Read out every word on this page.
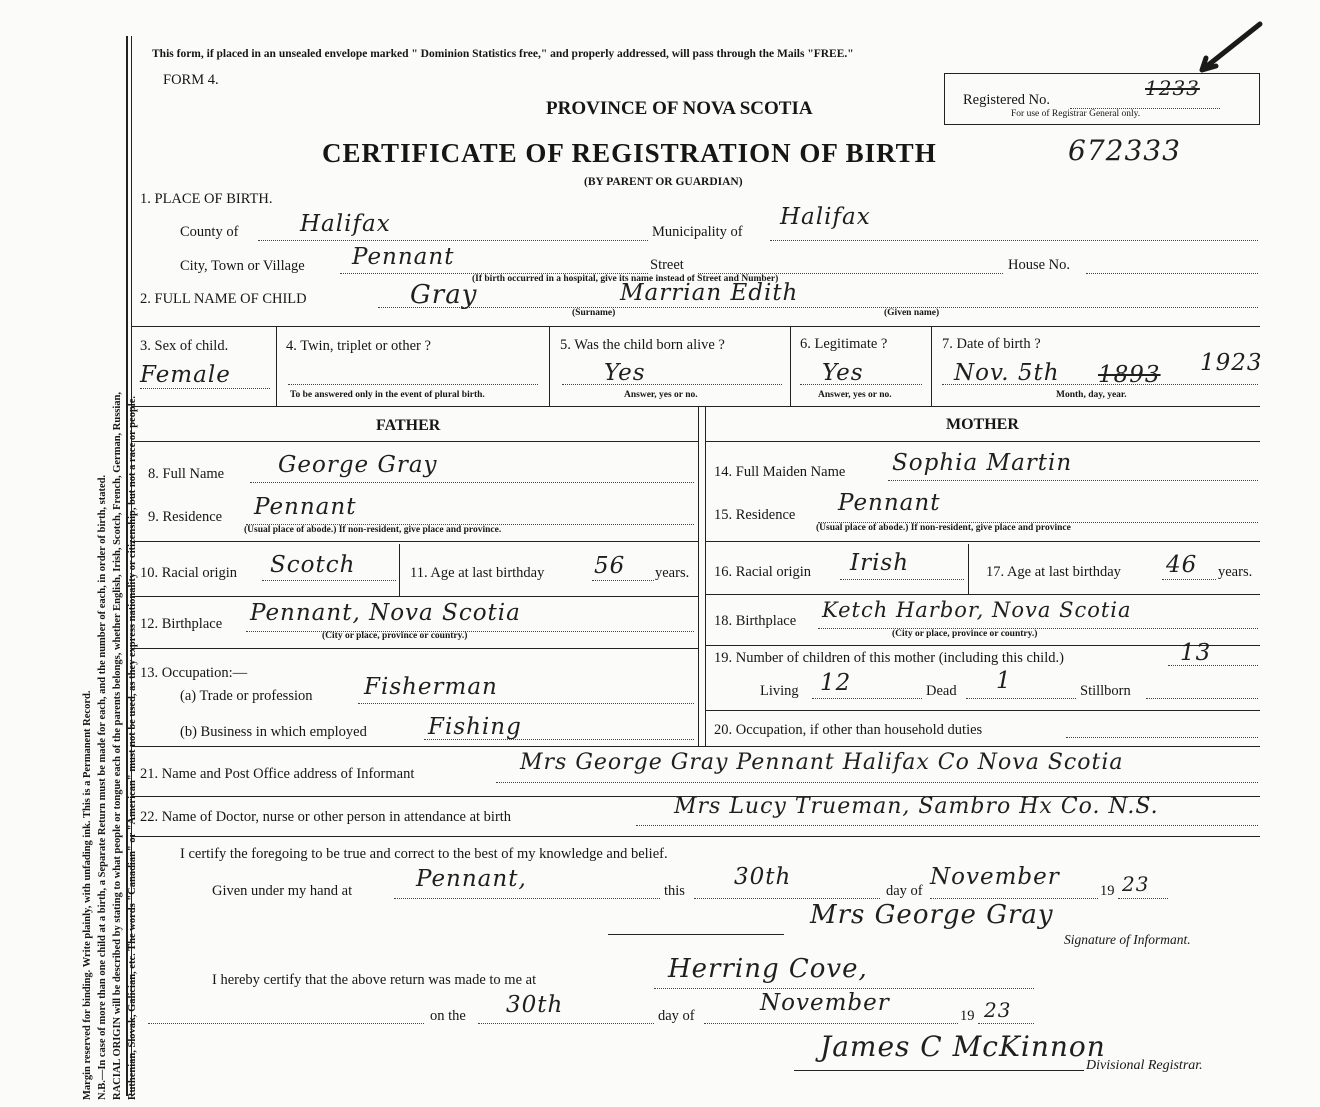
Margin reserved for binding. Write plainly, with unfading ink. This is a Permanent Record. N.B.—In case of more than one child at a birth, a Separate Return must be made for each, and the number of each, in order of birth, stated. RACIAL ORIGIN will be described by stating to what people or tongue each of the parents belongs, whether English, Irish, Scotch, French, German, Russian, Ruthenian, Slovak, Galician, etc. The words "Canadian" or "American" must not be used, as they express nationality or citizenship, but not a race or people.

This form, if placed in an unsealed envelope marked " Dominion Statistics free," and properly addressed, will pass through the Mails "FREE."
FORM 4.
PROVINCE OF NOVA SCOTIA
CERTIFICATE OF REGISTRATION OF BIRTH	672333
(BY PARENT OR GUARDIAN)
Registered No.	1233
For use of Registrar General only.
1. PLACE OF BIRTH.
County of	Halifax	Municipality of
Halifax
City, Town or Village Pennant	Street	House No.
(If birth occurred in a hospital, give its name instead of Street and Number)
2. FULL NAME OF CHILD	Gray	Marrian Edith
(Surname)	(Given name)
3. Sex of child.
Female
4. Twin, triplet or other ?
To be answered only in the event of plural birth.
5. Was the child born alive ?
Yes
Answer, yes or no.
6. Legitimate ?
Yes
Answer, yes or no.
7. Date of birth ?
Nov. 5th 1893 1923
Month, day, year.
FATHER	MOTHER
8. Full Name George Gray
9. Residence Pennant
(Usual place of abode.) If non-resident, give place and province.
10. Racial origin Scotch	11. Age at last birthday 56 years.
12. Birthplace Pennant, Nova Scotia
(City or place, province or country.)
13. Occupation:—
(a) Trade or profession Fisherman
(b) Business in which employed	Fishing
14. Full Maiden Name Sophia Martin
15. Residence Pennant
(Usual place of abode.) If non-resident, give place and province
16. Racial origin Irish	17. Age at last birthday 46 years.
18. Birthplace Ketch Harbor, Nova Scotia
(City or place, province or country.)
19. Number of children of this mother (including this child.)	13
Living 12	Dead 1	Stillborn
20. Occupation, if other than household duties
21. Name and Post Office address of Informant	Mrs George Gray Pennant Halifax Co Nova Scotia
22. Name of Doctor, nurse or other person in attendance at birth	Mrs Lucy Trueman, Sambro Hx Co. N.S.
I certify the foregoing to be true and correct to the best of my knowledge and belief.
Given under my hand at	Pennant,	this
30th
day of
November
19 23
Mrs George Gray
Signature of Informant.
I hereby certify that the above return was made to me at	Herring Cove,
on the 30th	day of	November	19 23
James C McKinnon
Divisional Registrar.
